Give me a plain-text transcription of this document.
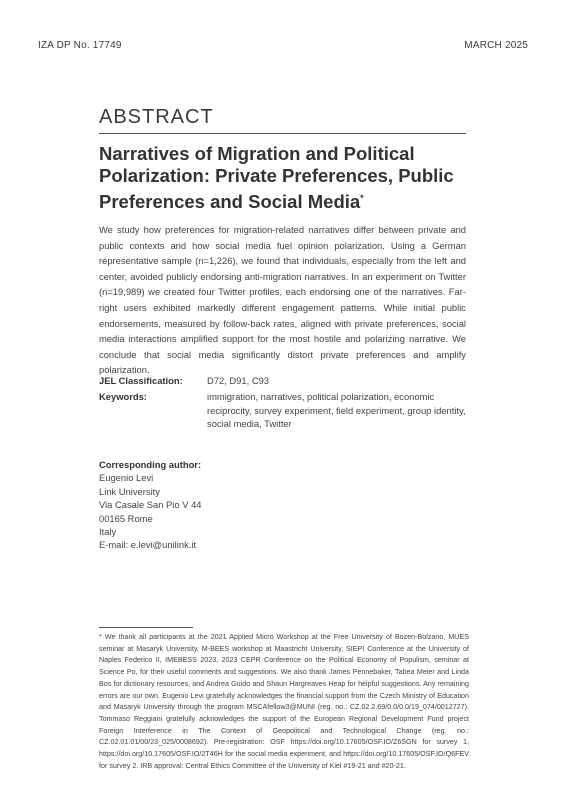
IZA DP No. 17749	MARCH 2025
ABSTRACT
Narratives of Migration and Political Polarization: Private Preferences, Public Preferences and Social Media*
We study how preferences for migration-related narratives differ between private and public contexts and how social media fuel opinion polarization. Using a German representative sample (n=1,226), we found that individuals, especially from the left and center, avoided publicly endorsing anti-migration narratives. In an experiment on Twitter (n=19,989) we created four Twitter profiles, each endorsing one of the narratives. Far-right users exhibited markedly different engagement patterns. While initial public endorsements, measured by follow-back rates, aligned with private preferences, social media interactions amplified support for the most hostile and polarizing narrative. We conclude that social media significantly distort private preferences and amplify polarization.
JEL Classification:	D72, D91, C93
Keywords:	immigration, narratives, political polarization, economic reciprocity, survey experiment, field experiment, group identity, social media, Twitter
Corresponding author:
Eugenio Levi
Link University
Via Casale San Pio V 44
00165 Rome
Italy
E-mail: e.levi@unilink.it
* We thank all participants at the 2021 Applied Micro Workshop at the Free University of Bozen-Bolzano, MUES seminar at Masaryk University, M-BEES workshop at Maastricht University, SIEPI Conference at the University of Naples Federico II, IMEBESS 2023, 2023 CEPR Conference on the Political Economy of Populism, seminar at Science Po, for their useful comments and suggestions. We also thank James Pennebaker, Tabea Meier and Linda Bos for dictionary resources, and Andrea Guido and Shaun Hargreaves Heap for helpful suggestions. Any remaining errors are our own. Eugenio Levi gratefully acknowledges the financial support from the Czech Ministry of Education and Masaryk University through the program MSCAfellow3@MUNI (reg. no.: CZ.02.2.69/0.0/0.0/19_074/0012727). Tommaso Reggiani gratefully acknowledges the support of the European Regional Development Fund project Foreign Interference in The Context of Geopolitical and Technological Change (reg. no.: CZ.02.01.01/00/23_025/0008692). Pre-registration: OSF https://doi.org/10.17605/OSF.IO/Z6SGN for survey 1, https://doi.org/10.17605/OSF.IO/2T46H for the social media experiment, and https://doi.org/10.17605/OSF.IO/Q6FEV for survey 2. IRB approval: Central Ethics Committee of the University of Kiel #19-21 and #20-21.
